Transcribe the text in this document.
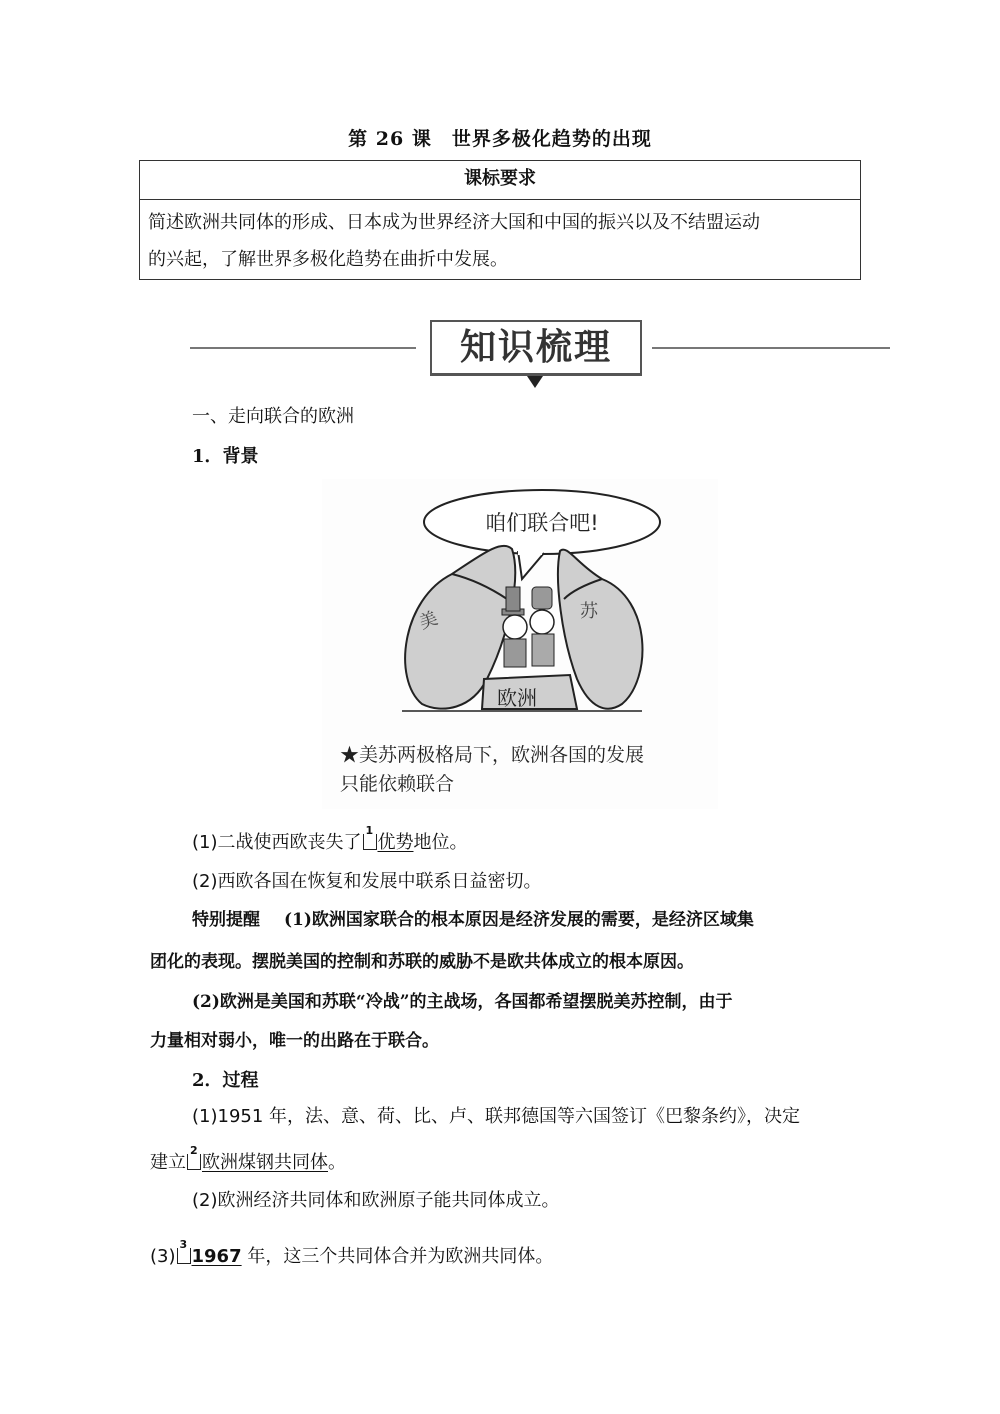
第 26 课　世界多极化趋势的出现
课标要求
简述欧洲共同体的形成、日本成为世界经济大国和中国的振兴以及不结盟运动
的兴起，了解世界多极化趋势在曲折中发展。
知识梳理
一、走向联合的欧洲
1．背景
咱们联合吧!
美	苏
欧洲
★美苏两极格局下，欧洲各国的发展
只能依赖联合
(1)二战使西欧丧失了
1
优势地位。
(2)西欧各国在恢复和发展中联系日益密切。
特别提醒 (1)欧洲国家联合的根本原因是经济发展的需要，是经济区域集
团化的表现。摆脱美国的控制和苏联的威胁不是欧共体成立的根本原因。
(2)欧洲是美国和苏联“冷战”的主战场，各国都希望摆脱美苏控制，由于
力量相对弱小，唯一的出路在于联合。
2．过程
(1)1951 年，法、意、荷、比、卢、联邦德国等六国签订《巴黎条约》，决定
建立
2
欧洲煤钢共同体。
(2)欧洲经济共同体和欧洲原子能共同体成立。
(3)
3
1967 年，这三个共同体合并为欧洲共同体。
